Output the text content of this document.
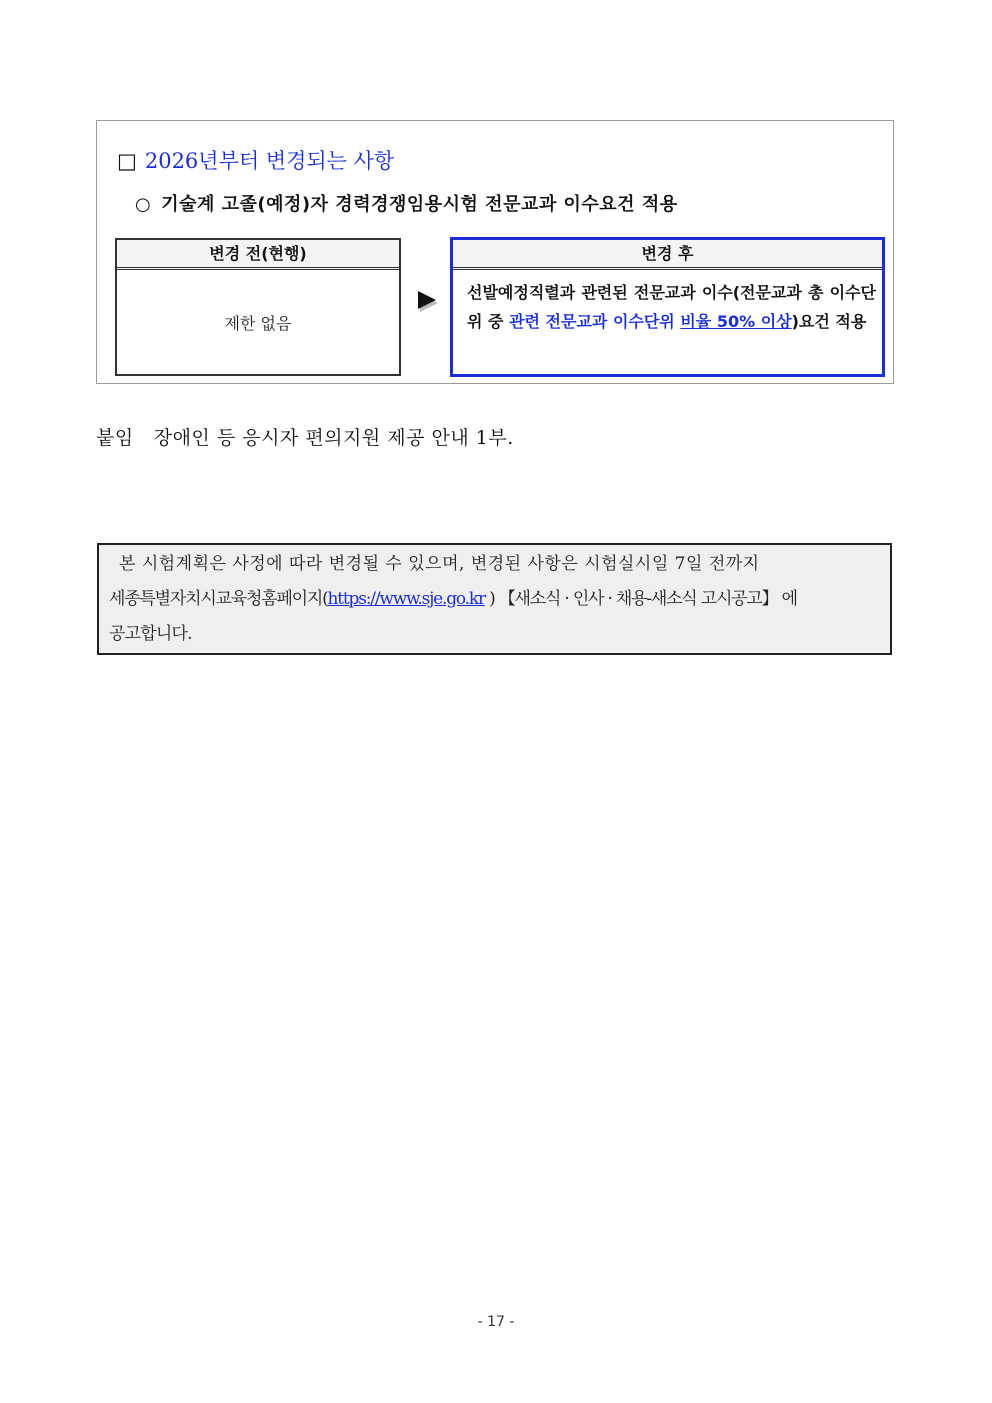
□ 2026년부터 변경되는 사항
○ 기술계 고졸(예정)자 경력경쟁임용시험 전문교과 이수요건 적용
변경 전(현행)
제한 없음
변경 후
선발예정직렬과 관련된 전문교과 이수(전문교과 총 이수단위 중 관련 전문교과 이수단위 비율 50% 이상)요건 적용
붙임 장애인 등 응시자 편의지원 제공 안내 1부.
본 시험계획은 사정에 따라 변경될 수 있으며, 변경된 사항은 시험실시일 7일 전까지
세종특별자치시교육청홈페이지(https://www.sje.go.kr ) 【새소식 · 인사 · 채용-새소식 고시공고】 에
공고합니다.
- 17 -
